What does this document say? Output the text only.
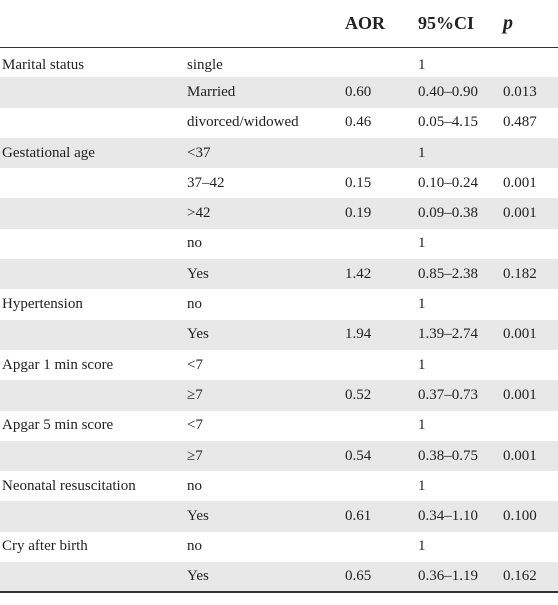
		AOR	95%CI	p
Marital status	single		1	
	Married	0.60	0.40–0.90	0.013
	divorced/widowed	0.46	0.05–4.15	0.487
Gestational age	<37		1	
	37–42	0.15	0.10–0.24	0.001
	>42	0.19	0.09–0.38	0.001
	no		1	
	Yes	1.42	0.85–2.38	0.182
Hypertension	no		1	
	Yes	1.94	1.39–2.74	0.001
Apgar 1 min score	<7		1	
	≥7	0.52	0.37–0.73	0.001
Apgar 5 min score	<7		1	
	≥7	0.54	0.38–0.75	0.001
Neonatal resuscitation	no		1	
	Yes	0.61	0.34–1.10	0.100
Cry after birth	no		1	
	Yes	0.65	0.36–1.19	0.162
